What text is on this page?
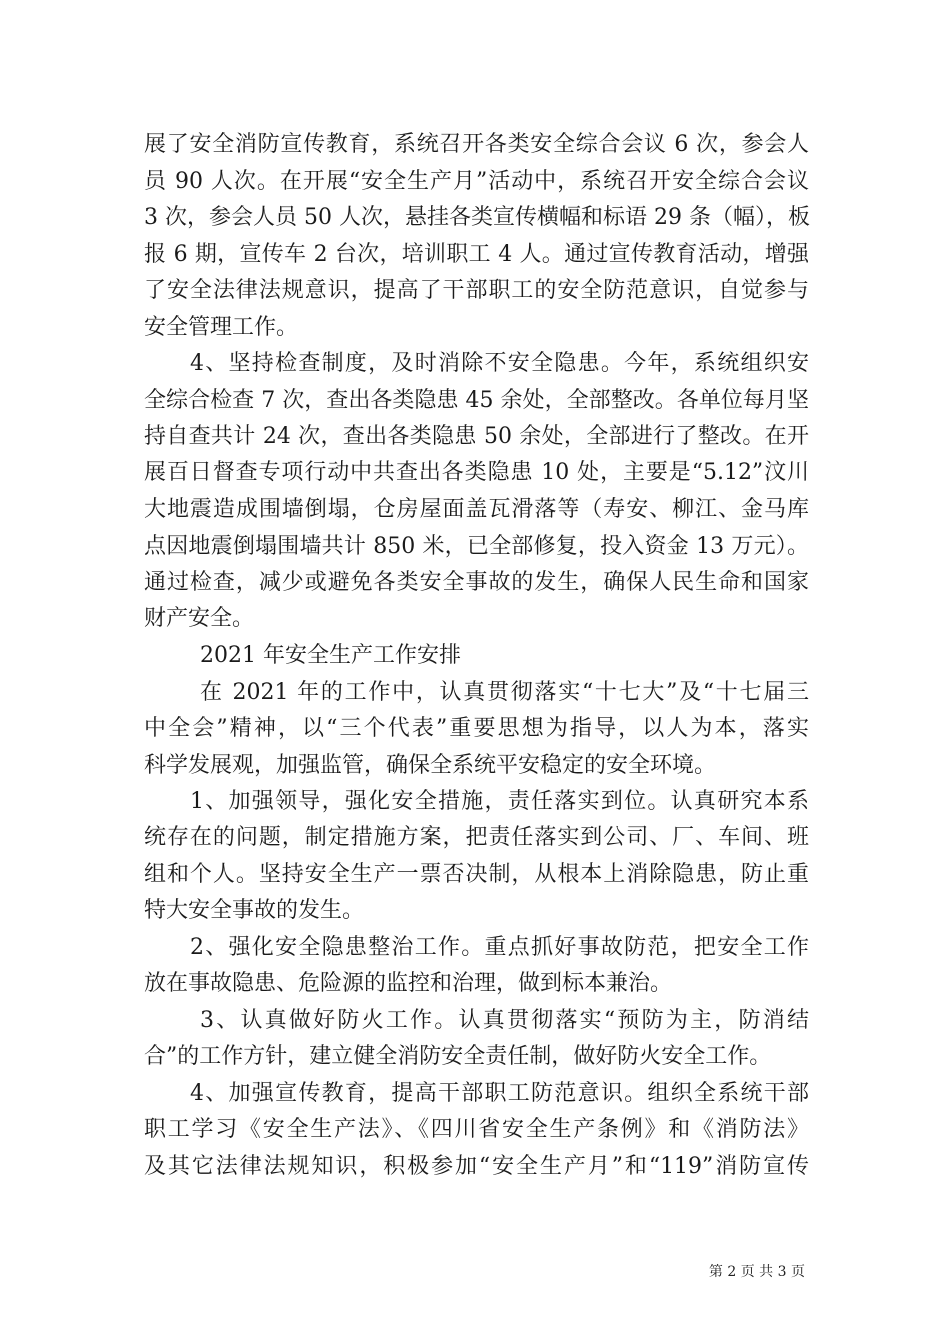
展了安全消防宣传教育，系统召开各类安全综合会议 6 次，参会人
员 90 人次。在开展“安全生产月”活动中，系统召开安全综合会议
3 次，参会人员 50 人次，悬挂各类宣传横幅和标语 29 条（幅），板
报 6 期，宣传车 2 台次，培训职工 4 人。通过宣传教育活动，增强
了安全法律法规意识，提高了干部职工的安全防范意识，自觉参与
安全管理工作。
4、坚持检查制度，及时消除不安全隐患。今年，系统组织安
全综合检查 7 次，查出各类隐患 45 余处，全部整改。各单位每月坚
持自查共计 24 次，查出各类隐患 50 余处，全部进行了整改。在开
展百日督查专项行动中共查出各类隐患 10 处，主要是“5.12”汶川
大地震造成围墙倒塌，仓房屋面盖瓦滑落等（寿安、柳江、金马库
点因地震倒塌围墙共计 850 米，已全部修复，投入资金 13 万元）。
通过检查，减少或避免各类安全事故的发生，确保人民生命和国家
财产安全。
2021 年安全生产工作安排
在 2021 年的工作中，认真贯彻落实“十七大”及“十七届三
中全会”精神，以“三个代表”重要思想为指导，以人为本，落实
科学发展观，加强监管，确保全系统平安稳定的安全环境。
1、加强领导，强化安全措施，责任落实到位。认真研究本系
统存在的问题，制定措施方案，把责任落实到公司、厂、车间、班
组和个人。坚持安全生产一票否决制，从根本上消除隐患，防止重
特大安全事故的发生。
2、强化安全隐患整治工作。重点抓好事故防范，把安全工作
放在事故隐患、危险源的监控和治理，做到标本兼治。
3、认真做好防火工作。认真贯彻落实“预防为主，防消结
合”的工作方针，建立健全消防安全责任制，做好防火安全工作。
4、加强宣传教育，提高干部职工防范意识。组织全系统干部
职工学习《安全生产法》、《四川省安全生产条例》和《消防法》
及其它法律法规知识，积极参加“安全生产月”和“119”消防宣传
第 2 页 共 3 页
